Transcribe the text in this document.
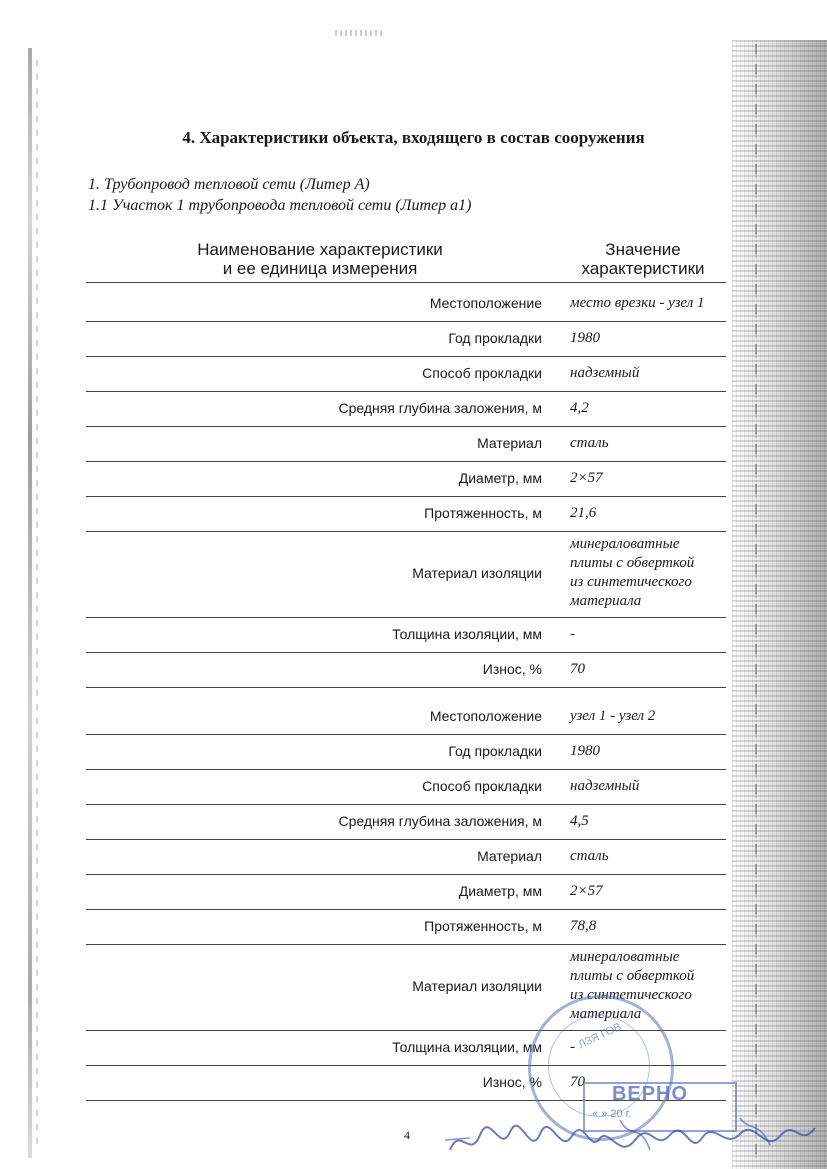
4. Характеристики объекта, входящего в состав сооружения
1. Трубопровод тепловой сети (Литер А)
1.1 Участок 1 трубопровода тепловой сети (Литер а1)
Наименование характеристики
и ее единица измерения
Значение
характеристики
Местоположение место врезки - узел 1
Год прокладки 1980
Способ прокладки надземный
Средняя глубина заложения, м 4,2
Материал сталь
Диаметр, мм 2×57
Протяженность, м 21,6
Материал изоляции
минераловатные
плиты с обверткой
из синтетического
материала
Толщина изоляции, мм -
Износ, % 70
Местоположение узел 1 - узел 2
Год прокладки 1980
Способ прокладки надземный
Средняя глубина заложения, м 4,5
Материал сталь
Диаметр, мм 2×57
Протяженность, м 78,8
Материал изоляции
минераловатные
плиты с обверткой
из синтетического
материала
Толщина изоляции, мм -
Износ, % 70
4
ЛЗЯ ГОВ
ВЕРНО
« » 20 г.
